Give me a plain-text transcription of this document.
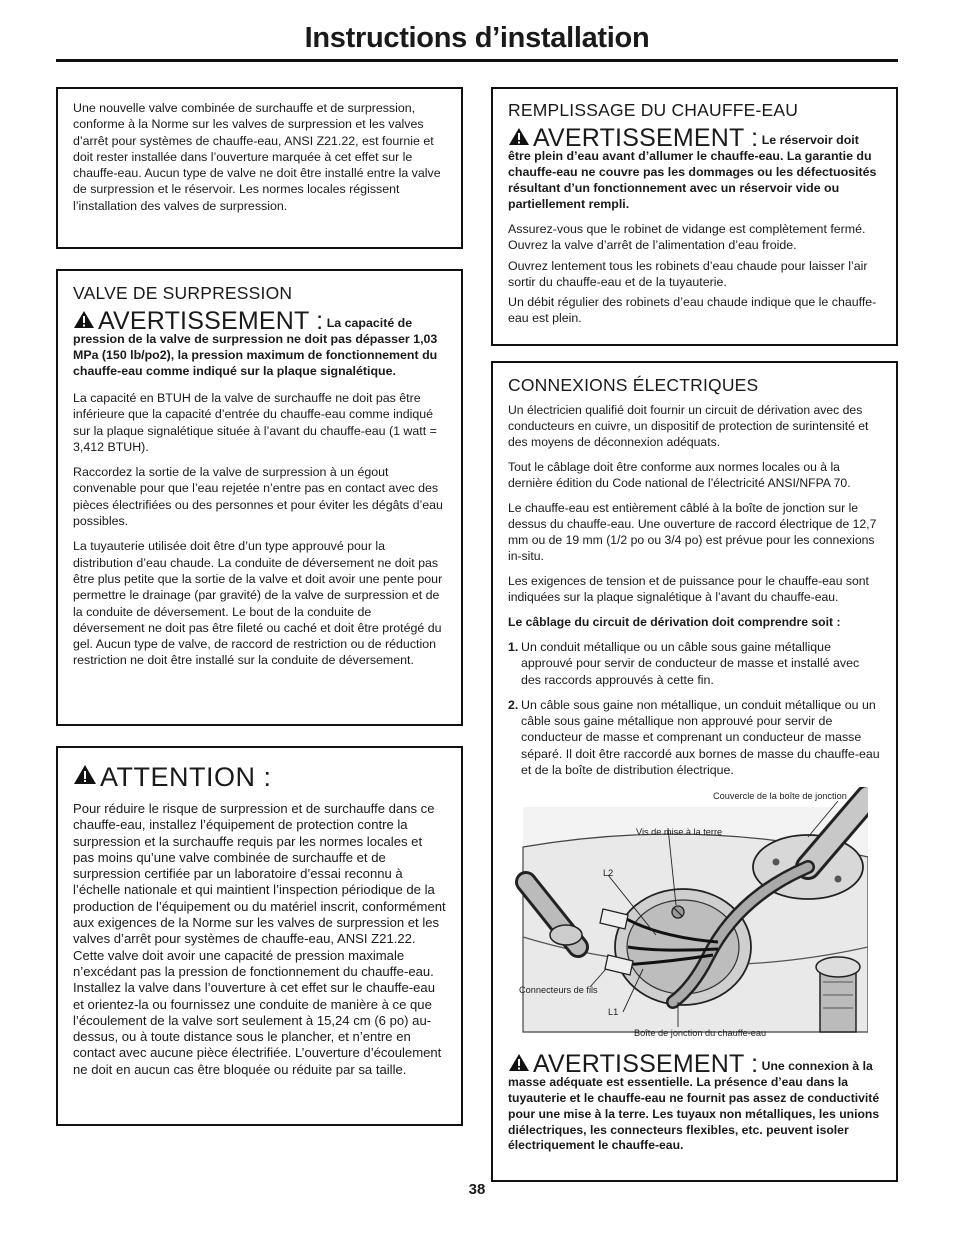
Instructions d’installation

Une nouvelle valve combinée de surchauffe et de surpression, conforme à la Norme sur les valves de surpression et les valves d’arrêt pour systèmes de chauffe-eau, ANSI Z21.22, est fournie et doit rester installée dans l’ouverture marquée à cet effet sur le chauffe-eau. Aucun type de valve ne doit être installé entre la valve de surpression et le réservoir. Les normes locales régissent l’installation des valves de surpression.

VALVE DE SURPRESSION
AVERTISSEMENT : La capacité de pression de la valve de surpression ne doit pas dépasser 1,03 MPa (150 lb/po2), la pression maximum de fonctionnement du chauffe-eau comme indiqué sur la plaque signalétique.

La capacité en BTUH de la valve de surchauffe ne doit pas être inférieure que la capacité d’entrée du chauffe-eau comme indiqué sur la plaque signalétique située à l’avant du chauffe-eau (1 watt = 3,412 BTUH).

Raccordez la sortie de la valve de surpression à un égout convenable pour que l’eau rejetée n’entre pas en contact avec des pièces électrifiées ou des personnes et pour éviter les dégâts d’eau possibles.

La tuyauterie utilisée doit être d’un type approuvé pour la distribution d’eau chaude. La conduite de déversement ne doit pas être plus petite que la sortie de la valve et doit avoir une pente pour permettre le drainage (par gravité) de la valve de surpression et de la conduite de déversement. Le bout de la conduite de déversement ne doit pas être fileté ou caché et doit être protégé du gel. Aucun type de valve, de raccord de restriction ou de réduction restriction ne doit être installé sur la conduite de déversement.

ATTENTION :

Pour réduire le risque de surpression et de surchauffe dans ce chauffe-eau, installez l’équipement de protection contre la surpression et la surchauffe requis par les normes locales et pas moins qu’une valve combinée de surchauffe et de surpression certifiée par un laboratoire d’essai reconnu à l’échelle nationale et qui maintient l’inspection périodique de la production de l’équipement ou du matériel inscrit, conformément aux exigences de la Norme sur les valves de surpression et les valves d’arrêt pour systèmes de chauffe-eau, ANSI Z21.22. Cette valve doit avoir une capacité de pression maximale n’excédant pas la pression de fonctionnement du chauffe-eau. Installez la valve dans l’ouverture à cet effet sur le chauffe-eau et orientez-la ou fournissez une conduite de manière à ce que l’écoulement de la valve sort seulement à 15,24 cm (6 po) au-dessus, ou à toute distance sous le plancher, et n’entre en contact avec aucune pièce électrifiée. L’ouverture d’écoulement ne doit en aucun cas être bloquée ou réduite par sa taille.

REMPLISSAGE DU CHAUFFE-EAU
AVERTISSEMENT : Le réservoir doit être plein d’eau avant d’allumer le chauffe-eau. La garantie du chauffe-eau ne couvre pas les dommages ou les défectuosités résultant d’un fonctionnement avec un réservoir vide ou partiellement rempli.

Assurez-vous que le robinet de vidange est complètement fermé. Ouvrez la valve d’arrêt de l’alimentation d’eau froide.

Ouvrez lentement tous les robinets d’eau chaude pour laisser l’air sortir du chauffe-eau et de la tuyauterie.

Un débit régulier des robinets d’eau chaude indique que le chauffe-eau est plein.

CONNEXIONS ÉLECTRIQUES

Un électricien qualifié doit fournir un circuit de dérivation avec des conducteurs en cuivre, un dispositif de protection de surintensité et des moyens de déconnexion adéquats.

Tout le câblage doit être conforme aux normes locales ou à la dernière édition du Code national de l’électricité ANSI/NFPA 70.

Le chauffe-eau est entièrement câblé à la boîte de jonction sur le dessus du chauffe-eau. Une ouverture de raccord électrique de 12,7 mm ou de 19 mm (1/2 po ou 3/4 po) est prévue pour les connexions in-situ.

Les exigences de tension et de puissance pour le chauffe-eau sont indiquées sur la plaque signalétique à l’avant du chauffe-eau.

Le câblage du circuit de dérivation doit comprendre soit :

1. Un conduit métallique ou un câble sous gaine métallique approuvé pour servir de conducteur de masse et installé avec des raccords approuvés à cette fin.
2. Un câble sous gaine non métallique, un conduit métallique ou un câble sous gaine métallique non approuvé pour servir de conducteur de masse et comprenant un conducteur de masse séparé. Il doit être raccordé aux bornes de masse du chauffe-eau et de la boîte de distribution électrique.
Couvercle de la boîte de jonction
Vis de mise à la terre
L2
Connecteurs de fils
L1
Boîte de jonction du chauffe-eau
AVERTISSEMENT : Une connexion à la masse adéquate est essentielle. La présence d’eau dans la tuyauterie et le chauffe-eau ne fournit pas assez de conductivité pour une mise à la terre. Les tuyaux non métalliques, les unions diélectriques, les connecteurs flexibles, etc. peuvent isoler électriquement le chauffe-eau.
38
